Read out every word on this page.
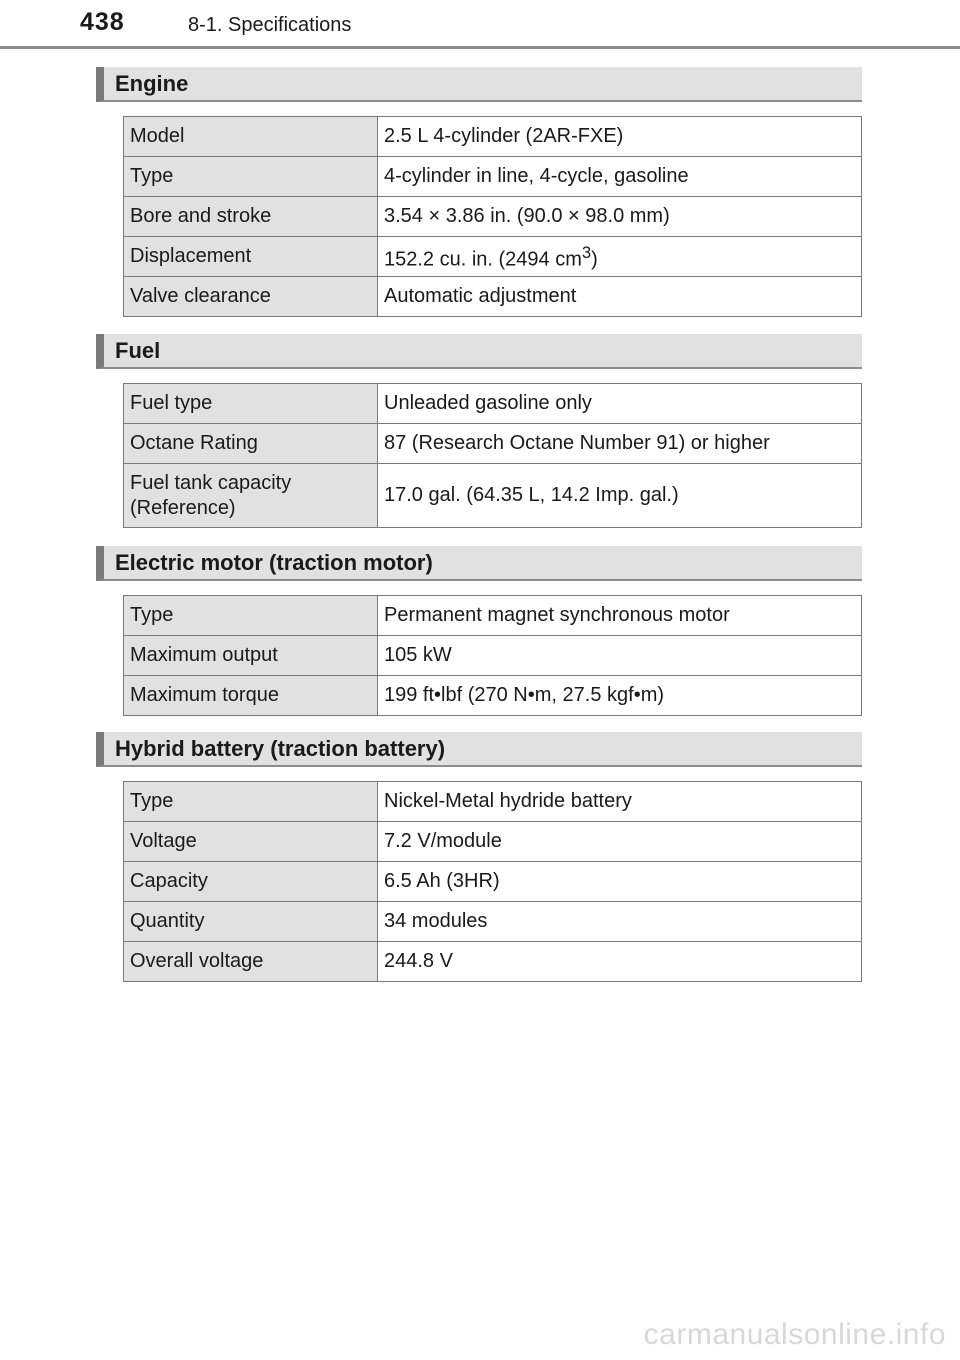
438	8-1. Specifications
Engine
Model	2.5 L 4-cylinder (2AR-FXE)
Type	4-cylinder in line, 4-cycle, gasoline
Bore and stroke	3.54 × 3.86 in. (90.0 × 98.0 mm)
Displacement	152.2 cu. in. (2494 $cm^3$)
Valve clearance	Automatic adjustment
Fuel
Fuel type	Unleaded gasoline only
Octane Rating	87 (Research Octane Number 91) or higher
Fuel tank capacity
(Reference)	17.0 gal. (64.35 L, 14.2 Imp. gal.)
Electric motor (traction motor)
Type	Permanent magnet synchronous motor
Maximum output	105 kW
Maximum torque	199 ft•lbf (270 N•m, 27.5 kgf•m)
Hybrid battery (traction battery)
Type	Nickel-Metal hydride battery
Voltage	7.2 V/module
Capacity	6.5 Ah (3HR)
Quantity	34 modules
Overall voltage	244.8 V
carmanualsonline.info
